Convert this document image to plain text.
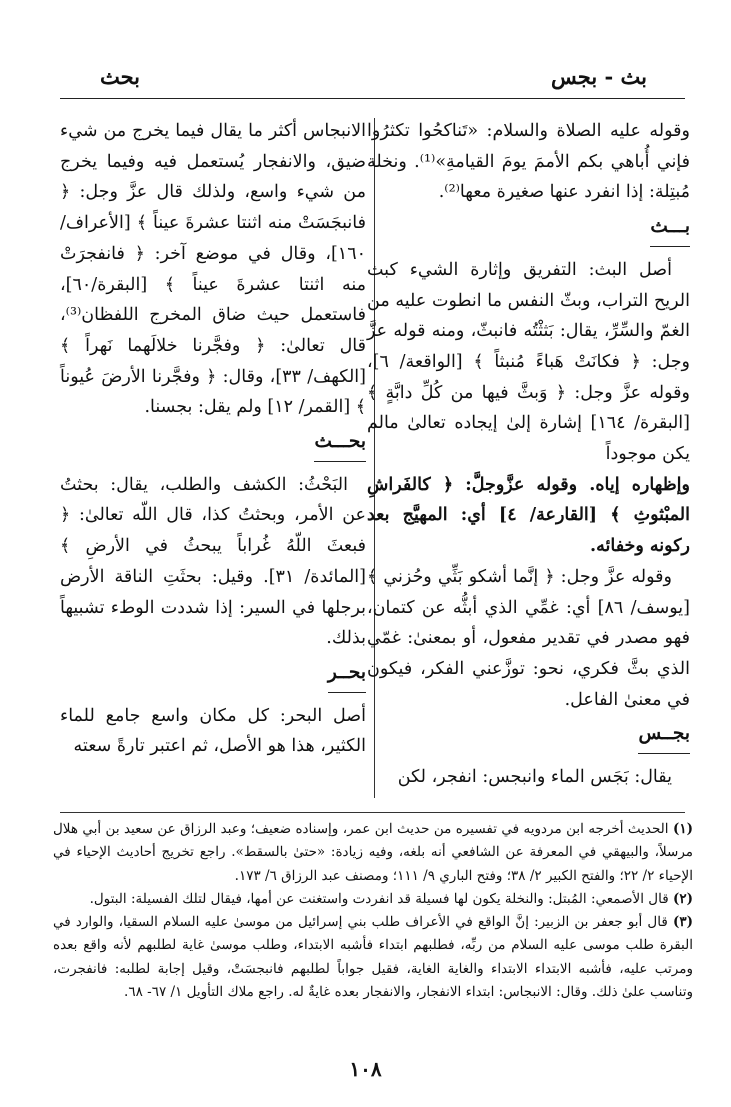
بث - بجس
بحث

وقوله عليه الصلاة والسلام: «تَناكحُوا تكثرُوا فإني أُباهي بكم الأممَ يومَ القيامةِ»⁽¹⁾. ونخلة مُبتِلة: إذا انفرد عنها صغيرة معها⁽²⁾.

بـــث

أصل البث: التفريق وإثارة الشيء كبث الريح التراب، وبثّ النفس ما انطوت عليه من الغمّ والسِّرِّ، يقال: بَثثْتُه فانبثّ، ومنه قوله عزَّ وجل: ﴿ فكانَتْ هَباءً مُنبثاً ﴾ [الواقعة/ ٦]، وقوله عزَّ وجل: ﴿ وَبثَّ فيها من كُلِّ دابَّةٍ ﴾ [البقرة/ ١٦٤] إشارة إلىٰ إيجاده تعالىٰ مالم يكن موجوداً

وإظهاره إياه. وقوله عزَّوجلَّ: ﴿ كالفَراشِ المبْثوثِ ﴾ [القارعة/ ٤] أي: المهيَّج بعد ركونه وخفائه.

وقوله عزَّ وجل: ﴿ إنَّما أشكو بَثِّي وحُزني ﴾ [يوسف/ ٨٦] أي: غمِّي الذي أبثُّه عن كتمان، فهو مصدر في تقدير مفعول، أو بمعنىٰ: غمّي الذي بثَّ فكري، نحو: توزَّعني الفكر، فيكون في معنىٰ الفاعل.

بجــس

يقال: بَجَس الماء وانبجس: انفجر، لكن

الانبجاس أكثر ما يقال فيما يخرج من شيء ضيق، والانفجار يُستعمل فيه وفيما يخرج من شيء واسع، ولذلك قال عزَّ وجل: ﴿ فانبجَسَتْ منه اثنتا عشرةَ عيناً ﴾ [الأعراف/ ١٦٠]، وقال في موضع آخر: ﴿ فانفجرَتْ منه اثنتا عشرةَ عيناً ﴾ [البقرة/٦٠]، فاستعمل حيث ضاق المخرج اللفظان⁽³⁾، قال تعالىٰ: ﴿ وفجَّرنا خلالَهما نَهراً ﴾ [الكهف/ ٣٣]، وقال: ﴿ وفجَّرنا الأرضَ عُيوناً ﴾ [القمر/ ١٢] ولم يقل: بجسنا.

بحـــث

البَحْثُ: الكشف والطلب، يقال: بحثتُ عن الأمر، وبحثتُ كذا، قال اللّه تعالىٰ: ﴿ فبعثَ اللّهُ غُراباً يبحثُ في الأرضِ ﴾ [المائدة/ ٣١]. وقيل: بحثَتِ الناقة الأرض برجلها في السير: إذا شددت الوطء تشبيهاً بذلك.

بحــر

أصل البحر: كل مكان واسع جامع للماء الكثير، هذا هو الأصل، ثم اعتبر تارةً سعته

(١) الحديث أخرجه ابن مردويه في تفسيره من حديث ابن عمر، وإسناده ضعيف؛ وعبد الرزاق عن سعيد بن أبي هلال مرسلاً، والبيهقي في المعرفة عن الشافعي أنه بلغه، وفيه زيادة: «حتىٰ بالسقط». راجع تخريج أحاديث الإحياء في الإحياء ٢/ ٢٢؛ والفتح الكبير ٢/ ٣٨؛ وفتح الباري ٩/ ١١١؛ ومصنف عبد الرزاق ٦/ ١٧٣.

(٢) قال الأصمعي: المُبتل: والنخلة يكون لها فسيلة قد انفردت واستغنت عن أمها، فيقال لتلك الفسيلة: البتول.

(٣) قال أبو جعفر بن الزبير: إنَّ الواقع في الأعراف طلب بني إسرائيل من موسىٰ عليه السلام السقيا، والوارد في البقرة طلب موسى عليه السلام من ربِّه، فطلبهم ابتداء فأشبه الابتداء، وطلب موسىٰ غاية لطلبهم لأنه واقع بعده ومرتب عليه، فأشبه الابتداء الابتداء والغاية الغاية، فقيل جواباً لطلبهم فانبجسَتْ، وقيل إجابة لطلبه: فانفجرت، وتناسب علىٰ ذلك. وقال: الانبجاس: ابتداء الانفجار، والانفجار بعده غايةٌ له. راجع ملاك التأويل ١/ ٦٧- ٦٨.

١٠٨
